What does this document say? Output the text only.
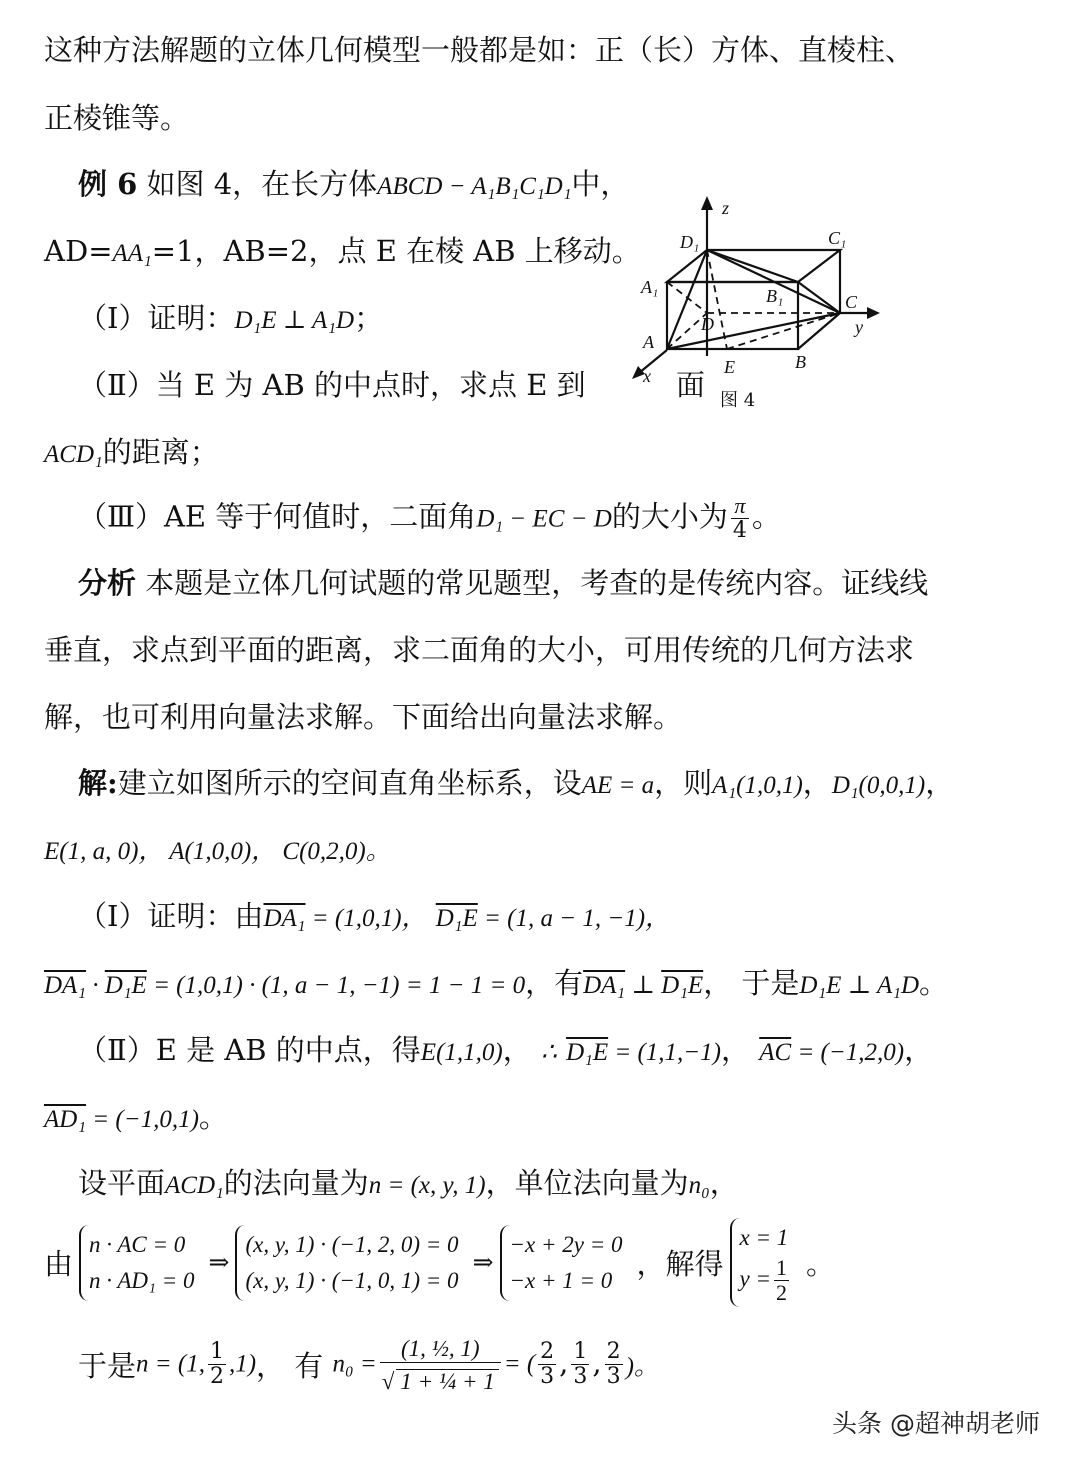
这种方法解题的立体几何模型一般都是如：正（长）方体、直棱柱、
正棱锥等。
例 6 如图 4，在长方体ABCD − A₁B₁C₁D₁中，
AD=AA₁=1，AB=2，点 E 在棱 AB 上移动。
（Ⅰ）证明：D₁E ⊥ A₁D；
（Ⅱ）当 E 为 AB 的中点时，求点 E 到	面
ACD₁的距离；
（Ⅲ）AE 等于何值时，二面角D₁ − EC − D的大小为 $\frac{\pi}{4}$ 。
分析 本题是立体几何试题的常见题型，考查的是传统内容。证线线
垂直，求点到平面的距离，求二面角的大小，可用传统的几何方法求
解，也可利用向量法求解。下面给出向量法求解。
解:建立如图所示的空间直角坐标系，设AE = a，则A₁(1,0,1)，D₁(0,0,1)，
E(1, a, 0)， A(1,0,0)， C(0,2,0)。
（Ⅰ）证明：由DA₁ = (1,0,1)， D₁E = (1, a − 1, −1)，
DA₁ · D₁E = (1,0,1) · (1, a − 1, −1) = 1 − 1 = 0，有DA₁ ⊥ D₁E， 于是D₁E ⊥ A₁D。
（Ⅱ）E 是 AB 的中点，得E(1,1,0)， ∴ D₁E = (1,1,−1)， $\overline{AC} = (-1,2,0)$，
AD₁ = (−1,0,1)。
设平面ACD₁的法向量为n = (x, y, 1)，单位法向量为n₀，
由
n · AC = 0
n · AD₁ = 0
⇒
(x, y, 1) · (−1, 2, 0) = 0
(x, y, 1) · (−1, 0, 1) = 0
⇒
−x + 2y = 0
−x + 1 = 0 ，解得
x = 1
$y = \frac{1}{2}$ 。
于是n = (1, $\frac{1}{2} ,1$)， 有 $n_0 = \frac{\text{(1, ½, 1)}}{\text{√ 1 + ¼ + 1}}$ = ( $\frac{2}{3}$ , $\frac{1}{3}$ , $\frac{2}{3}$ )。
z
y
x
D₁	C₁
A₁	B₁	C
D
A
E	B
图 4
头条 @超神胡老师
